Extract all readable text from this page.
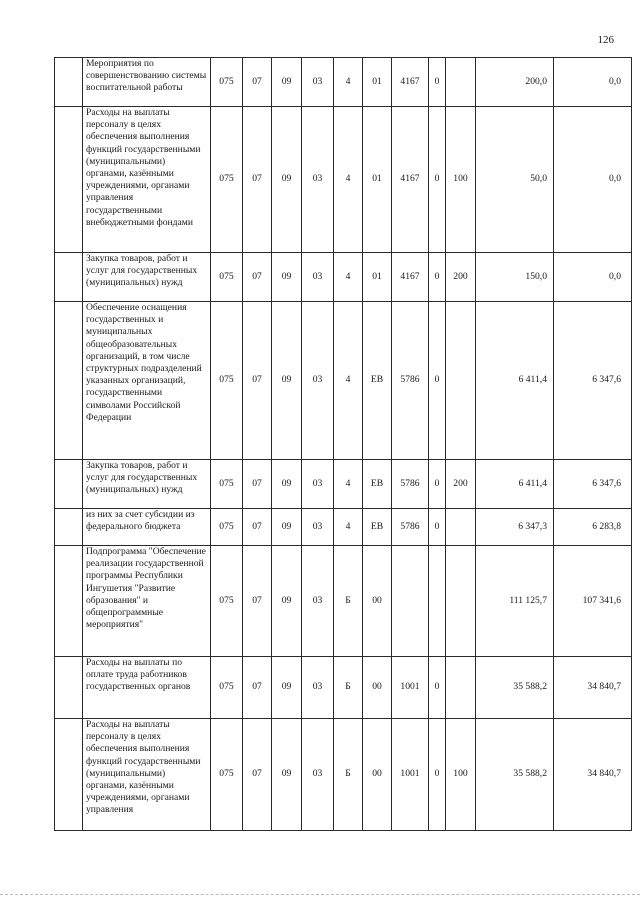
126
	Мероприятия по совершенствованию системы воспитательной работы	075	07	09	03	4	01	4167	0		200,0	0,0
	Расходы на выплаты персоналу в целях обеспечения выполнения функций государственными (муниципальными) органами, казёнными учреждениями, органами управления государственными внебюджетными фондами	075	07	09	03	4	01	4167	0	100	50,0	0,0
	Закупка товаров, работ и услуг для государственных (муниципальных) нужд	075	07	09	03	4	01	4167	0	200	150,0	0,0
	Обеспечение оснащения государственных и муниципальных общеобразовательных организаций, в том числе структурных подразделений указанных организаций, государственными символами Российской Федерации	075	07	09	03	4	ЕВ	5786	0		6 411,4	6 347,6
	Закупка товаров, работ и услуг для государственных (муниципальных) нужд	075	07	09	03	4	ЕВ	5786	0	200	6 411,4	6 347,6
	из них за счет субсидии из федерального бюджета	075	07	09	03	4	ЕВ	5786	0		6 347,3	6 283,8
	Подпрограмма "Обеспечение реализации государственной программы Республики Ингушетия "Развитие образования" и общепрограммные мероприятия"	075	07	09	03	Б	00				111 125,7	107 341,6
	Расходы на выплаты по оплате труда работников государственных органов	075	07	09	03	Б	00	1001	0		35 588,2	34 840,7
	Расходы на выплаты персоналу в целях обеспечения выполнения функций государственными (муниципальными) органами, казёнными учреждениями, органами управления	075	07	09	03	Б	00	1001	0	100	35 588,2	34 840,7
